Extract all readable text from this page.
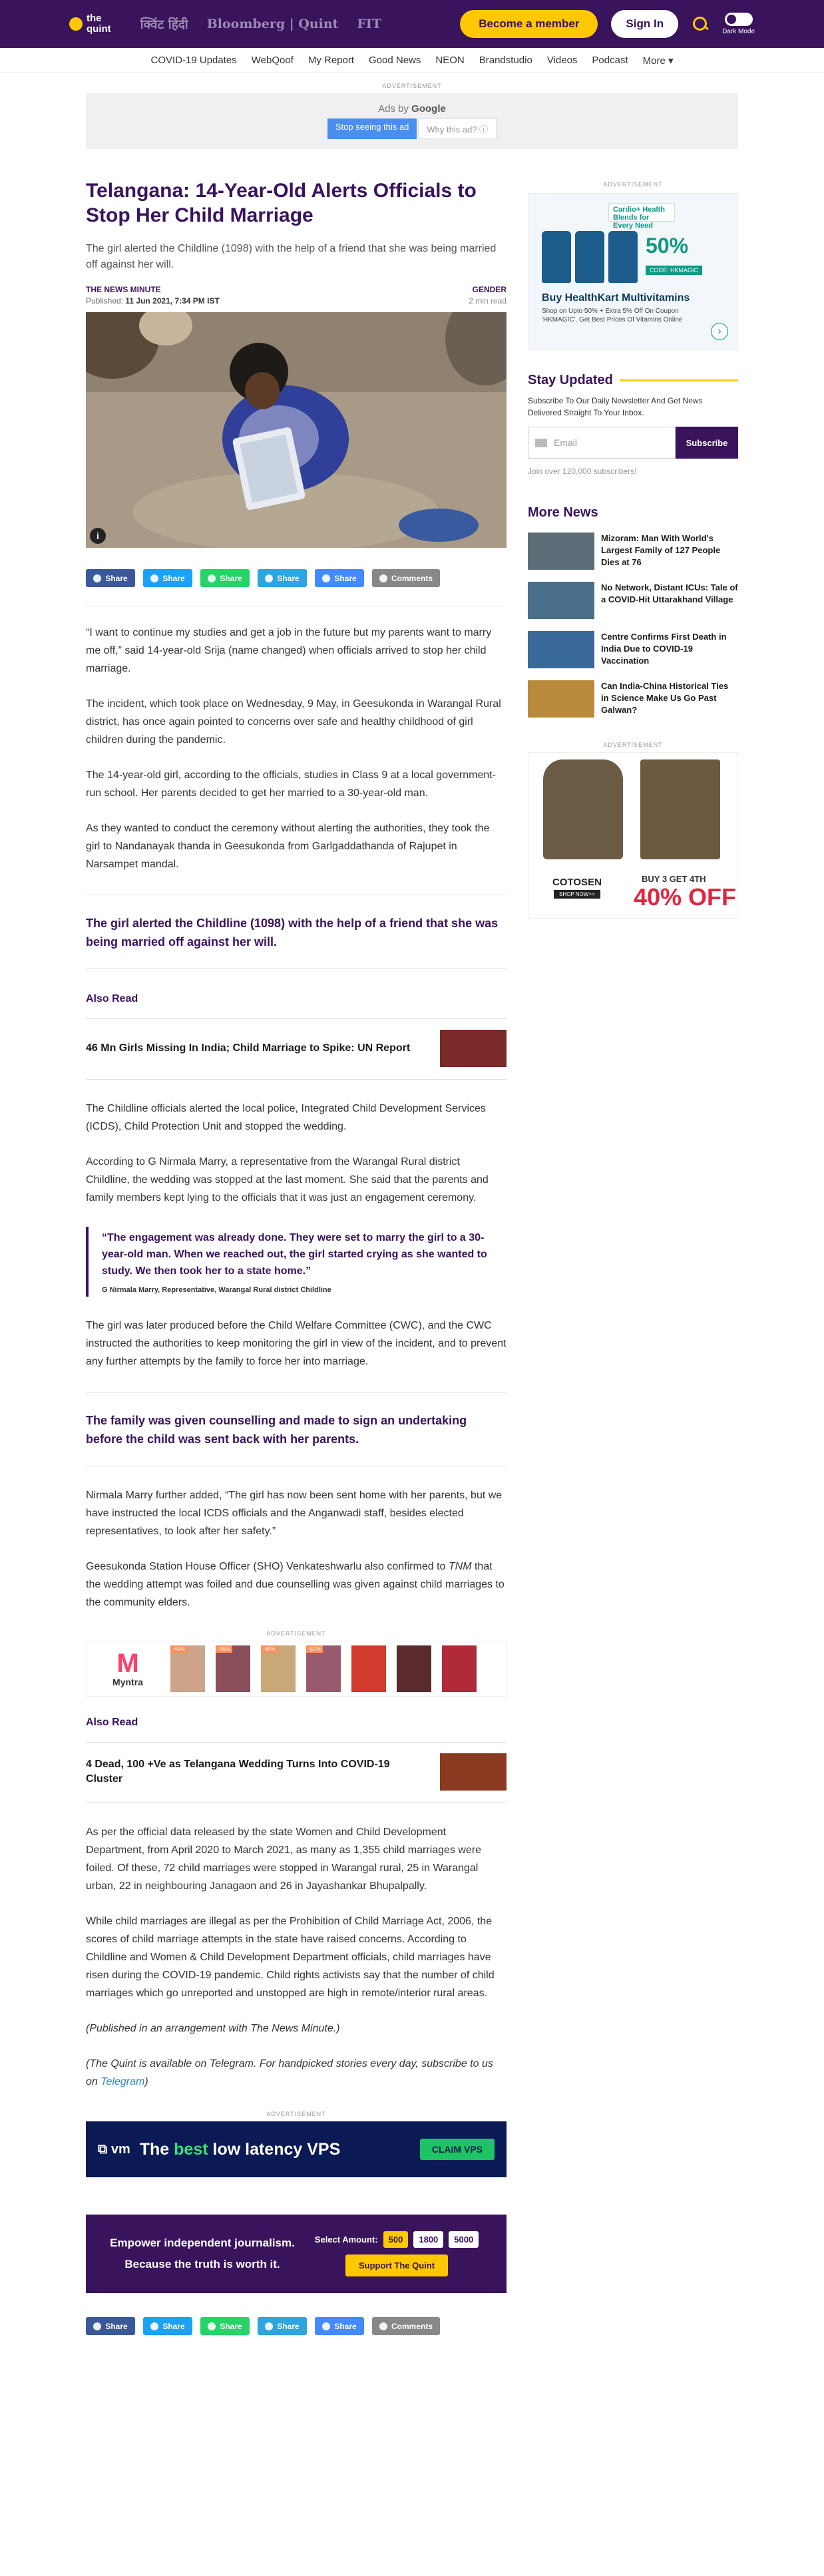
the
quint क्विंट हिंदी Bloomberg | Quint FIT	Become a member	Sign In
Dark Mode
COVID-19 Updates WebQoof My Report Good News NEON Brandstudio Videos Podcast More ▾
ADVERTISEMENT
Ads by Google
Stop seeing this ad	Why this ad? ⓘ
Telangana: 14-Year-Old Alerts Officials to Stop Her Child Marriage

The girl alerted the Childline (1098) with the help of a friend that she was being married off against her will.

THE NEWS MINUTE
Published: 11 Jun 2021, 7:34 PM IST
GENDER
2 min read
i
Share	Share	Share	Share	Share	Comments

“I want to continue my studies and get a job in the future but my parents want to marry me off,” said 14-year-old Srija (name changed) when officials arrived to stop her child marriage.

The incident, which took place on Wednesday, 9 May, in Geesukonda in Warangal Rural district, has once again pointed to concerns over safe and healthy childhood of girl children during the pandemic.

The 14-year-old girl, according to the officials, studies in Class 9 at a local government-run school. Her parents decided to get her married to a 30-year-old man.

As they wanted to conduct the ceremony without alerting the authorities, they took the girl to Nandanayak thanda in Geesukonda from Garlgaddathanda of Rajupet in Narsampet mandal.

The girl alerted the Childline (1098) with the help of a friend that she was being married off against her will.
Also Read
46 Mn Girls Missing In India; Child Marriage to Spike: UN Report

The Childline officials alerted the local police, Integrated Child Development Services (ICDS), Child Protection Unit and stopped the wedding.

According to G Nirmala Marry, a representative from the Warangal Rural district Childline, the wedding was stopped at the last moment. She said that the parents and family members kept lying to the officials that it was just an engagement ceremony.

“The engagement was already done. They were set to marry the girl to a 30-year-old man. When we reached out, the girl started crying as she wanted to study. We then took her to a state home.”
G Nirmala Marry, Representative, Warangal Rural district Childline

The girl was later produced before the Child Welfare Committee (CWC), and the CWC instructed the authorities to keep monitoring the girl in view of the incident, and to prevent any further attempts by the family to force her into marriage.

The family was given counselling and made to sign an undertaking before the child was sent back with her parents.

Nirmala Marry further added, “The girl has now been sent home with her parents, but we have instructed the local ICDS officials and the Anganwadi staff, besides elected representatives, to look after her safety.”

Geesukonda Station House Officer (SHO) Venkateshwarlu also confirmed to TNM that the wedding attempt was foiled and due counselling was given against child marriages to the community elders.

ADVERTISEMENT
M
Myntra
-40%	-35%	-45%	-50%
Also Read
4 Dead, 100 +Ve as Telangana Wedding Turns Into COVID-19 Cluster

As per the official data released by the state Women and Child Development Department, from April 2020 to March 2021, as many as 1,355 child marriages were foiled. Of these, 72 child marriages were stopped in Warangal rural, 25 in Warangal urban, 22 in neighbouring Janagaon and 26 in Jayashankar Bhupalpally.

While child marriages are illegal as per the Prohibition of Child Marriage Act, 2006, the scores of child marriage attempts in the state have raised concerns. According to Childline and Women & Child Development Department officials, child marriages have risen during the COVID-19 pandemic. Child rights activists say that the number of child marriages which go unreported and unstopped are high in remote/interior rural areas.

(Published in an arrangement with The News Minute.)

(The Quint is available on Telegram. For handpicked stories every day, subscribe to us on Telegram)

ADVERTISEMENT
⧉ vm The best low latency VPS	CLAIM VPS
Empower independent journalism.
Because the truth is worth it.
Select Amount:	500	1800	5000
Support The Quint
Share	Share	Share	Share	Share	Comments
ADVERTISEMENT
Cardio+ Health Blends for Every Need
50%
CODE: HKMAGIC
Buy HealthKart Multivitamins
Shop on Upto 50% + Extra 5% Off On Coupon 'HKMAGIC'. Get Best Prices Of Vitamins Online
›
Stay Updated

Subscribe To Our Daily Newsletter And Get News Delivered Straight To Your Inbox.

Email	Subscribe
Join over 120,000 subscribers!
More News
Mizoram: Man With World's Largest Family of 127 People Dies at 76
No Network, Distant ICUs: Tale of a COVID-Hit Uttarakhand Village
Centre Confirms First Death in India Due to COVID-19 Vaccination
Can India-China Historical Ties in Science Make Us Go Past Galwan?
ADVERTISEMENT
COTOSEN
SHOP NOW>>
BUY 3 GET 4TH
40% OFF
